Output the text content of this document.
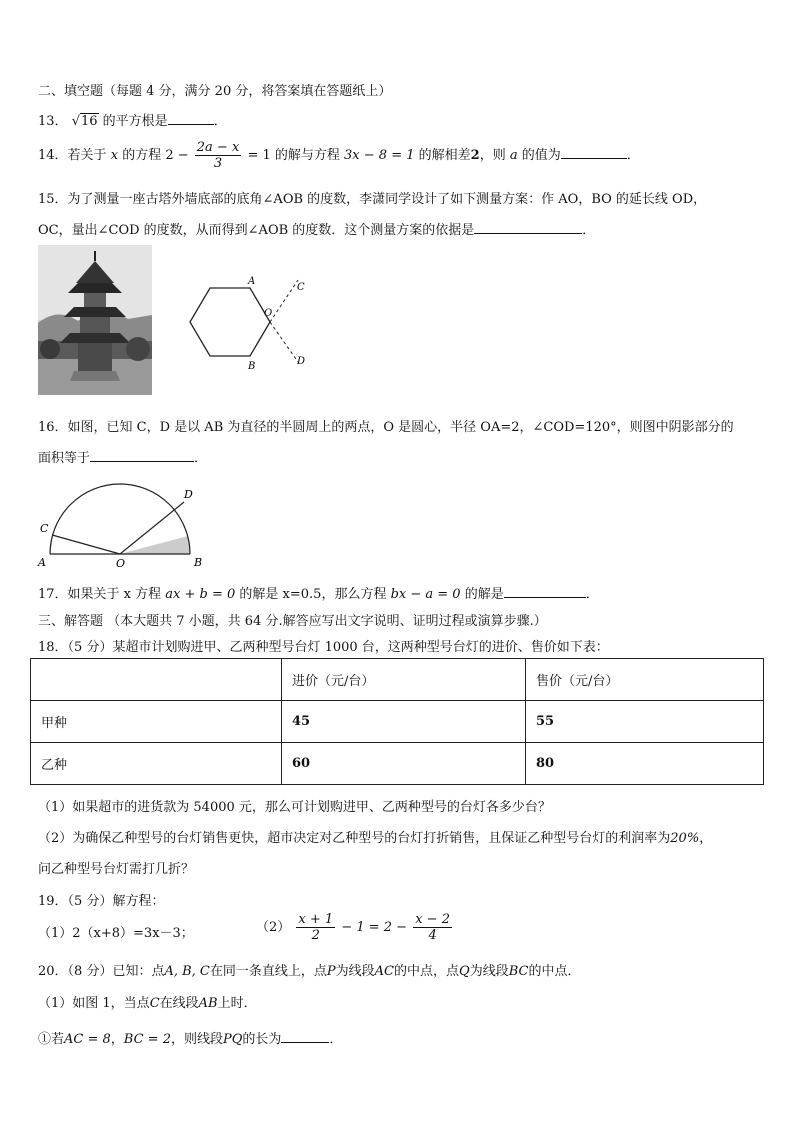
二、填空题（每题 4 分，满分 20 分，将答案填在答题纸上）
13． √16 的平方根是	．
14．若关于 x 的方程 $2 - \frac{2a - x}{3} = 1$ 的解与方程 3x − 8 = 1 的解相差2，则 a 的值为	．
15．为了测量一座古塔外墙底部的底角∠AOB 的度数，李潇同学设计了如下测量方案：作 AO，BO 的延长线 OD，
OC，量出∠COD 的度数，从而得到∠AOB 的度数．这个测量方案的依据是	．
A
B
C
D
O
16．如图，已知 C，D 是以 AB 为直径的半圆周上的两点，O 是圆心，半径 OA=2，∠COD=120°，则图中阴影部分的
面积等于	．
A	B
C
D
O
17．如果关于 x 方程 ax + b = 0 的解是 x=0.5，那么方程 bx − a = 0 的解是	．
三、解答题 （本大题共 7 小题，共 64 分.解答应写出文字说明、证明过程或演算步骤.）
18．（5 分）某超市计划购进甲、乙两种型号台灯 1000 台，这两种型号台灯的进价、售价如下表：
	进价（元/台）	售价（元/台）
甲种	45	55
乙种	60	80
（1）如果超市的进货款为 54000 元，那么可计划购进甲、乙两种型号的台灯各多少台？
（2）为确保乙种型号的台灯销售更快，超市决定对乙种型号的台灯打折销售，且保证乙种型号台灯的利润率为20%，
问乙种型号台灯需打几折？
19．（5 分）解方程：
（1）2（x+8）=3x－3；	$(2) \frac{x + 1}{2} - 1 = 2 - \frac{x - 2}{4}$
20．（8 分）已知：点A, B, C在同一条直线上，点P为线段AC的中点，点Q为线段BC的中点．
（1）如图 1，当点C在线段AB上时．
①若AC = 8，BC = 2，则线段PQ的长为	．
